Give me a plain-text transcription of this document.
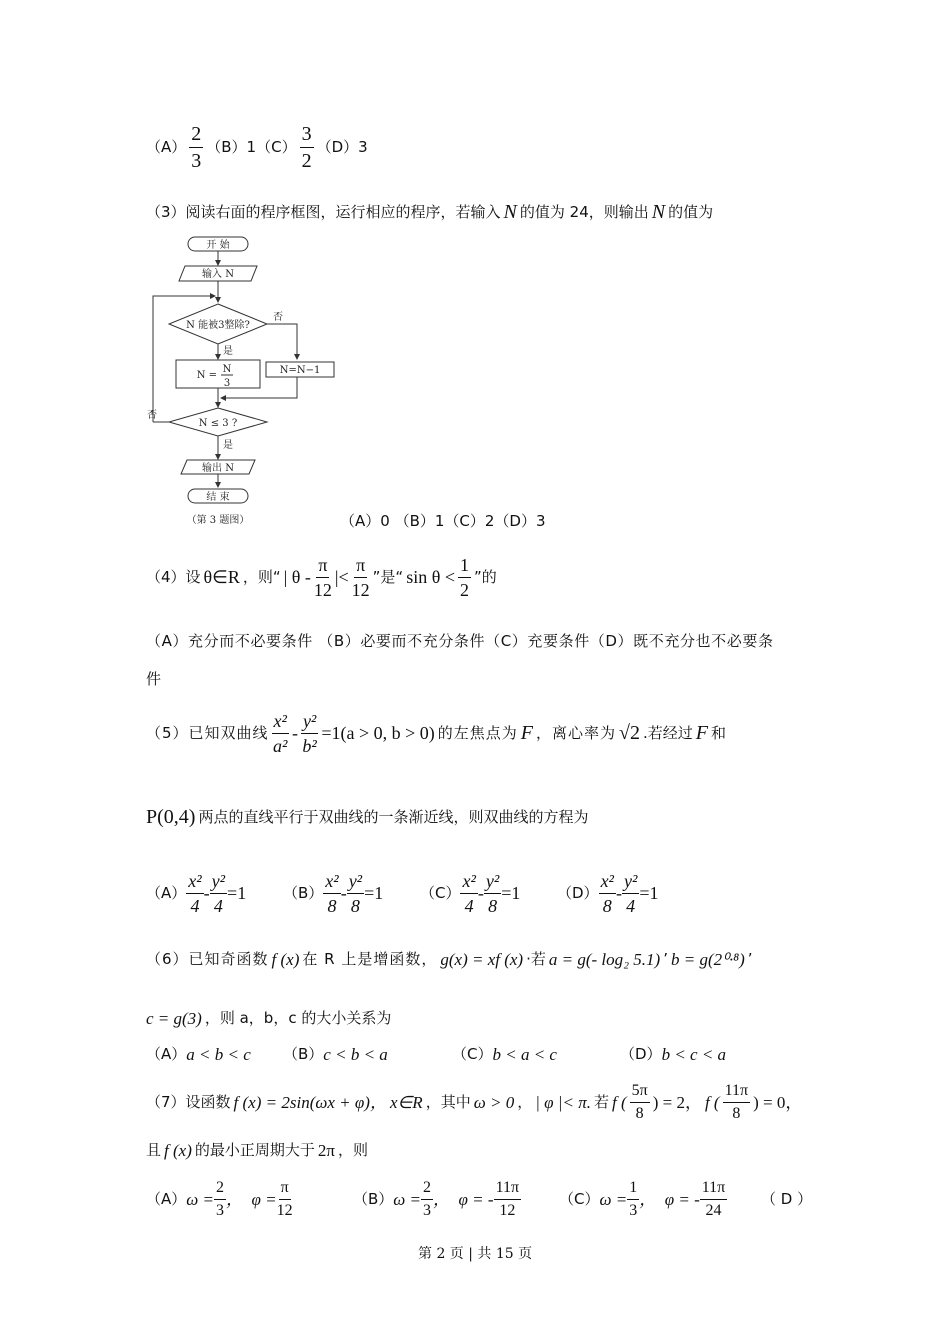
$(A) \frac{2}{3} (B)1(C) \frac{3}{2} (D)3$
（3）阅读右面的程序框图，运行相应的程序，若输入 N 的值为 24，则输出 N 的值为
开 始
输入 N
N 能被3整除?
否
是
N =
N
3
N=N−1
N ≤ 3 ?
否
是
输出 N
结 束
（第 3 题图）	（A）0 （B）1（C）2（D）3
（4）设 θ∈R ，则“ | θ - $\frac{\pi}{12}$ |< $\frac{\pi}{12}$ ”是“ $\sin \theta < \frac{1}{2}$ ”的
（A）充分而不必要条件 （B）必要而不充分条件（C）充要条件（D）既不充分也不必要条
件
（5）已知双曲线 $\frac{\text{x²}}{\text{a²}} - \frac{\text{y²}}{\text{b²}} =1(a > 0$, b > 0) 的左焦点为 F ，离心率为 √2 .若经过 F 和
P(0,4) 两点的直线平行于双曲线的一条渐近线，则双曲线的方程为
$(A) \frac{\text{x²}}{4} - \frac{\text{y²}}{4} =1$ $(B) \frac{\text{x²}}{8} - \frac{\text{y²}}{8} =1$ $(C) \frac{\text{x²}}{4} - \frac{\text{y²}}{8} =1$ $(D) \frac{\text{x²}}{8} - \frac{\text{y²}}{4} =1$
（6）已知奇函数 f (x) 在 R 上是增函数， g(x) = xf (x) ·若 a = g(- log₂ 5.1) ’ b = g(2⁰·⁸) ’
c = g(3) ，则 a，b，c 的大小关系为
（A） a < b < c （B） c < b < a	（C） b < a < c	（D） b < c < a
（7）设函数 f (x) = 2sin(ωx + φ)， x∈R ，其中 ω > 0 ， | φ |< π. 若 f ( $\frac{5\pi}{8}$ ) = 2， f ( $\frac{11\pi}{8}$ ) = 0，
且 f (x) 的最小正周期大于 2π ，则
（A） $\omega = \frac{2}{3}$ ，  $\varphi = \frac{\pi}{12}$	（B） $\omega = \frac{2}{3}$ ，  φ = - $\frac{11\pi}{12}$	（C） $\omega = \frac{1}{3}$ ，  φ = - $\frac{11\pi}{24}$ （ D ）
第 2 页 | 共 15 页
